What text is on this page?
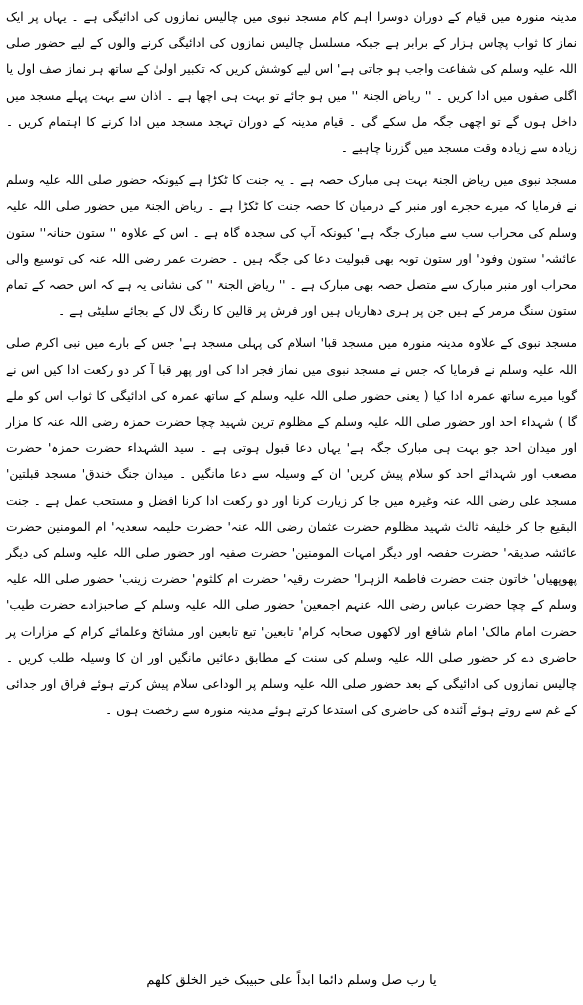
مدینہ منورہ میں قیام کے دوران دوسرا اہم کام مسجد نبوی میں چالیس نمازوں کی ادائیگی ہے ۔ یہاں پر ایک نماز کا ثواب پچاس ہزار کے برابر ہے جبکہ مسلسل چالیس نمازوں کی ادائیگی کرنے والوں کے لیے حضور صلی اللہ علیہ وسلم کی شفاعت واجب ہو جاتی ہے' اس لیے کوشش کریں کہ تکبیر اولیٰ کے ساتھ ہر نماز صف اول یا اگلی صفوں میں ادا کریں ۔ '' ریاض الجنۃ '' میں ہو جائے تو بہت ہی اچھا ہے ۔ اذان سے بہت پہلے مسجد میں داخل ہوں گے تو اچھی جگہ مل سکے گی ۔ قیام مدینہ کے دوران تہجد مسجد میں ادا کرنے کا اہتمام کریں ۔ زیادہ سے زیادہ وقت مسجد میں گزرنا چاہیے ۔

مسجد نبوی میں ریاض الجنۃ بہت ہی مبارک حصہ ہے ۔ یہ جنت کا ٹکڑا ہے کیونکہ حضور صلی اللہ علیہ وسلم نے فرمایا کہ میرے حجرے اور منبر کے درمیان کا حصہ جنت کا ٹکڑا ہے ۔ ریاض الجنۃ میں حضور صلی اللہ علیہ وسلم کی محراب سب سے مبارک جگہ ہے' کیونکہ آپ کی سجدہ گاہ ہے ۔ اس کے علاوہ '' ستون حنانہ'' ستون عائشہ' ستون وفود' اور ستون توبہ بھی قبولیت دعا کی جگہ ہیں ۔ حضرت عمر رضی اللہ عنہ کی توسیع والی محراب اور منبر مبارک سے متصل حصہ بھی مبارک ہے ۔ '' ریاض الجنۃ '' کی نشانی یہ ہے کہ اس حصہ کے تمام ستون سنگ مرمر کے ہیں جن پر ہری دھاریاں ہیں اور فرش پر قالین کا رنگ لال کے بجائے سلیٹی ہے ۔

مسجد نبوی کے علاوہ مدینہ منورہ میں مسجد قبا' اسلام کی پہلی مسجد ہے' جس کے بارے میں نبی اکرم صلی اللہ علیہ وسلم نے فرمایا کہ جس نے مسجد نبوی میں نماز فجر ادا کی اور پھر قبا آ کر دو رکعت ادا کیں اس نے گویا میرے ساتھ عمرہ ادا کیا ( یعنی حضور صلی اللہ علیہ وسلم کے ساتھ عمرہ کی ادائیگی کا ثواب اس کو ملے گا ) شہداء احد اور حضور صلی اللہ علیہ وسلم کے مظلوم ترین شہید چچا حضرت حمزہ رضی اللہ عنہ کا مزار اور میدان احد جو بہت ہی مبارک جگہ ہے' یہاں دعا قبول ہوتی ہے ۔ سید الشہداء حضرت حمزہ' حضرت مصعب اور شہدائے احد کو سلام پیش کریں' ان کے وسیلہ سے دعا مانگیں ۔ میدان جنگ خندق' مسجد قبلتین' مسجد علی رضی اللہ عنہ وغیرہ میں جا کر زیارت کرنا اور دو رکعت ادا کرنا افضل و مستحب عمل ہے ۔ جنت البقیع جا کر خلیفہ ثالث شہید مظلوم حضرت عثمان رضی اللہ عنہ' حضرت حلیمہ سعدیہ' ام المومنین حضرت عائشہ صدیقہ' حضرت حفصہ اور دیگر امہات المومنین' حضرت صفیہ اور حضور صلی اللہ علیہ وسلم کی دیگر پھوپھیاں' خاتون جنت حضرت فاطمۃ الزہرا' حضرت رقیہ' حضرت ام کلثوم' حضرت زینب' حضور صلی اللہ علیہ وسلم کے چچا حضرت عباس رضی اللہ عنہم اجمعین' حضور صلی اللہ علیہ وسلم کے صاحبزادے حضرت طیب' حضرت امام مالک' امام شافع اور لاکھوں صحابہ کرام' تابعین' تبع تابعین اور مشائخ وعلمائے کرام کے مزارات پر حاضری دے کر حضور صلی اللہ علیہ وسلم کی سنت کے مطابق دعائیں مانگیں اور ان کا وسیلہ طلب کریں ۔ چالیس نمازوں کی ادائیگی کے بعد حضور صلی اللہ علیہ وسلم پر الوداعی سلام پیش کرتے ہوئے فراق اور جدائی کے غم سے روتے ہوئے آئندہ کی حاضری کی استدعا کرتے ہوئے مدینہ منورہ سے رخصت ہوں ۔

یا رب صل وسلم دائما ابداً علی حبیبک خیر الخلق کلھم
